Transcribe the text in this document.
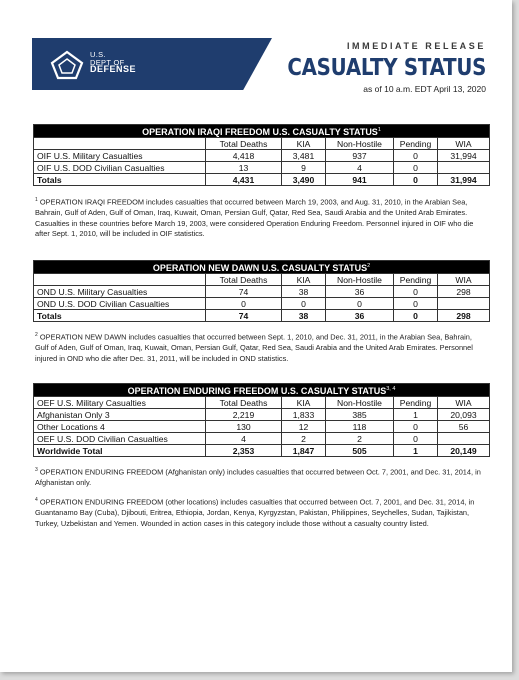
U.S.
DEPT OF
DEFENSE
IMMEDIATE RELEASE
CASUALTY STATUS
as of 10 a.m. EDT April 13, 2020
OPERATION IRAQI FREEDOM U.S. CASUALTY STATUS$^1$
	Total Deaths	KIA	Non-Hostile	Pending	WIA
OIF U.S. Military Casualties	4,418	3,481	937	0	31,994
OIF U.S. DOD Civilian Casualties	13	9	4	0	
Totals	4,431	3,490	941	0	31,994
$^1$ OPERATION IRAQI FREEDOM includes casualties that occurred between March 19, 2003, and Aug. 31, 2010, in the Arabian Sea, Bahrain, Gulf of Aden, Gulf of Oman, Iraq, Kuwait, Oman, Persian Gulf, Qatar, Red Sea, Saudi Arabia and the United Arab Emirates. Casualties in these countries before March 19, 2003, were considered Operation Enduring Freedom. Personnel injured in OIF who die after Sept. 1, 2010, will be included in OIF statistics.
OPERATION NEW DAWN U.S. CASUALTY STATUS$^2$
	Total Deaths	KIA	Non-Hostile	Pending	WIA
OND U.S. Military Casualties	74	38	36	0	298
OND U.S. DOD Civilian Casualties	0	0	0	0	
Totals	74	38	36	0	298
$^2$ OPERATION NEW DAWN includes casualties that occurred between Sept. 1, 2010, and Dec. 31, 2011, in the Arabian Sea, Bahrain, Gulf of Aden, Gulf of Oman, Iraq, Kuwait, Oman, Persian Gulf, Qatar, Red Sea, Saudi Arabia and the United Arab Emirates. Personnel injured in OND who die after Dec. 31, 2011, will be included in OND statistics.
OPERATION ENDURING FREEDOM U.S. CASUALTY STATUS$^{3, 4}$
OEF U.S. Military Casualties	Total Deaths	KIA	Non-Hostile	Pending	WIA
Afghanistan Only 3	2,219	1,833	385	1	20,093
Other Locations 4	130	12	118	0	56
OEF U.S. DOD Civilian Casualties	4	2	2	0	
Worldwide Total	2,353	1,847	505	1	20,149
$^3$ OPERATION ENDURING FREEDOM (Afghanistan only) includes casualties that occurred between Oct. 7, 2001, and Dec. 31, 2014, in Afghanistan only.
$^4$ OPERATION ENDURING FREEDOM (other locations) includes casualties that occurred between Oct. 7, 2001, and Dec. 31, 2014, in Guantanamo Bay (Cuba), Djibouti, Eritrea, Ethiopia, Jordan, Kenya, Kyrgyzstan, Pakistan, Philippines, Seychelles, Sudan, Tajikistan, Turkey, Uzbekistan and Yemen. Wounded in action cases in this category include those without a casualty country listed.
